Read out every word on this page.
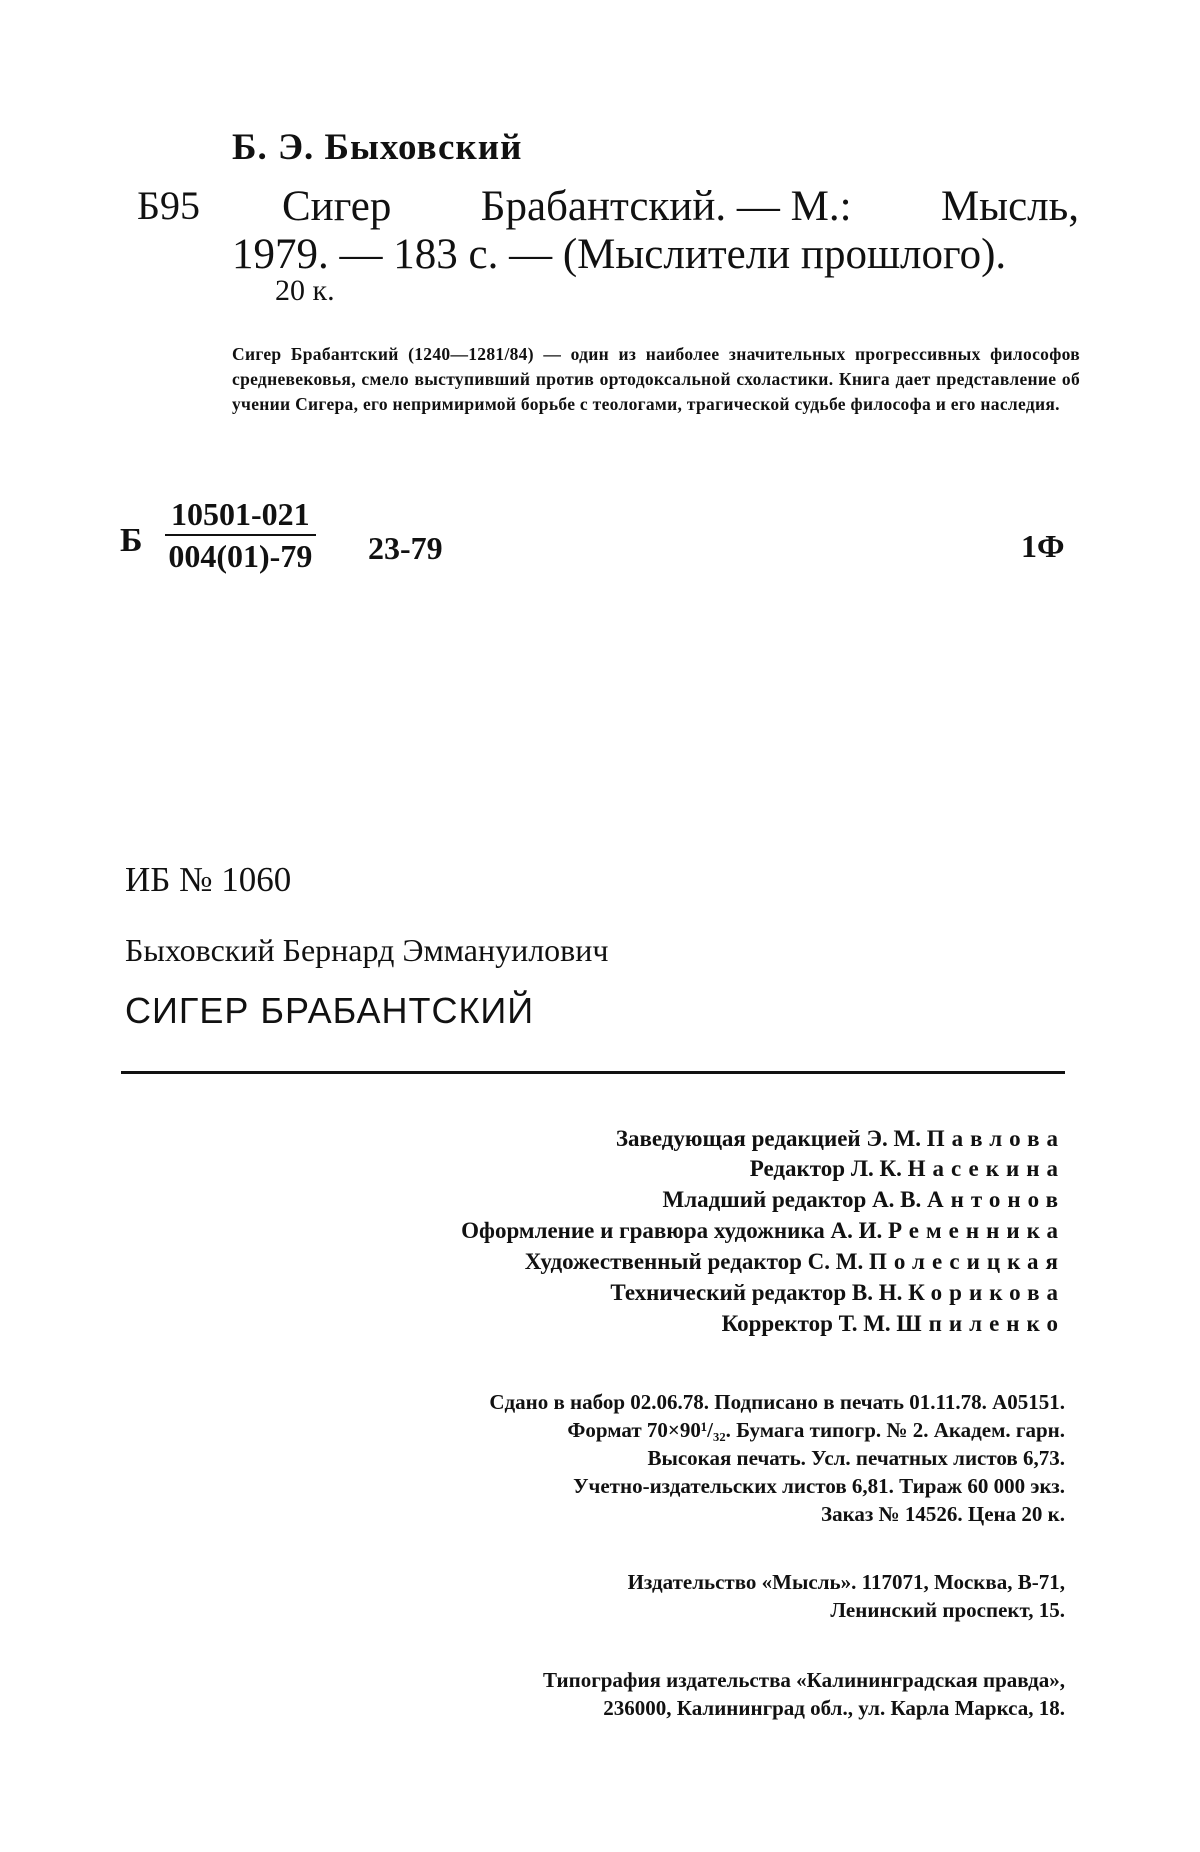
Б. Э. Быховский
Б95 Сигер Брабантский. — М.: Мысль,
1979. — 183 с. — (Мыслители прошлого).
20 к.
Сигер Брабантский (1240—1281/84) — один из наиболее значительных прогрессивных философов средневековья, смело выступивший против ортодоксальной схоластики. Книга дает представление об учении Сигера, его непримиримой борьбе с теологами, трагической судьбе философа и его наследия.
Б $\frac{10501-021}{004(01)-79} 23-79$	1Ф
ИБ № 1060
Быховский Бернард Эммануилович
СИГЕР БРАБАНТСКИЙ
Заведующая редакцией Э. М. Павлова
Редактор Л. К. Насекина
Младший редактор А. В. Антонов
Оформление и гравюра художника А. И. Ременника
Художественный редактор С. М. Полесицкая
Технический редактор В. Н. Корикова
Корректор Т. М. Шпиленко
Сдано в набор 02.06.78. Подписано в печать 01.11.78. А05151.
Формат 70×90¹/₃₂. Бумага типогр. № 2. Академ. гарн.
Высокая печать. Усл. печатных листов 6,73.
Учетно-издательских листов 6,81. Тираж 60 000 экз.
Заказ № 14526. Цена 20 к.
Издательство «Мысль». 117071, Москва, В-71,
Ленинский проспект, 15.
Типография издательства «Калининградская правда»,
236000, Калининград обл., ул. Карла Маркса, 18.
